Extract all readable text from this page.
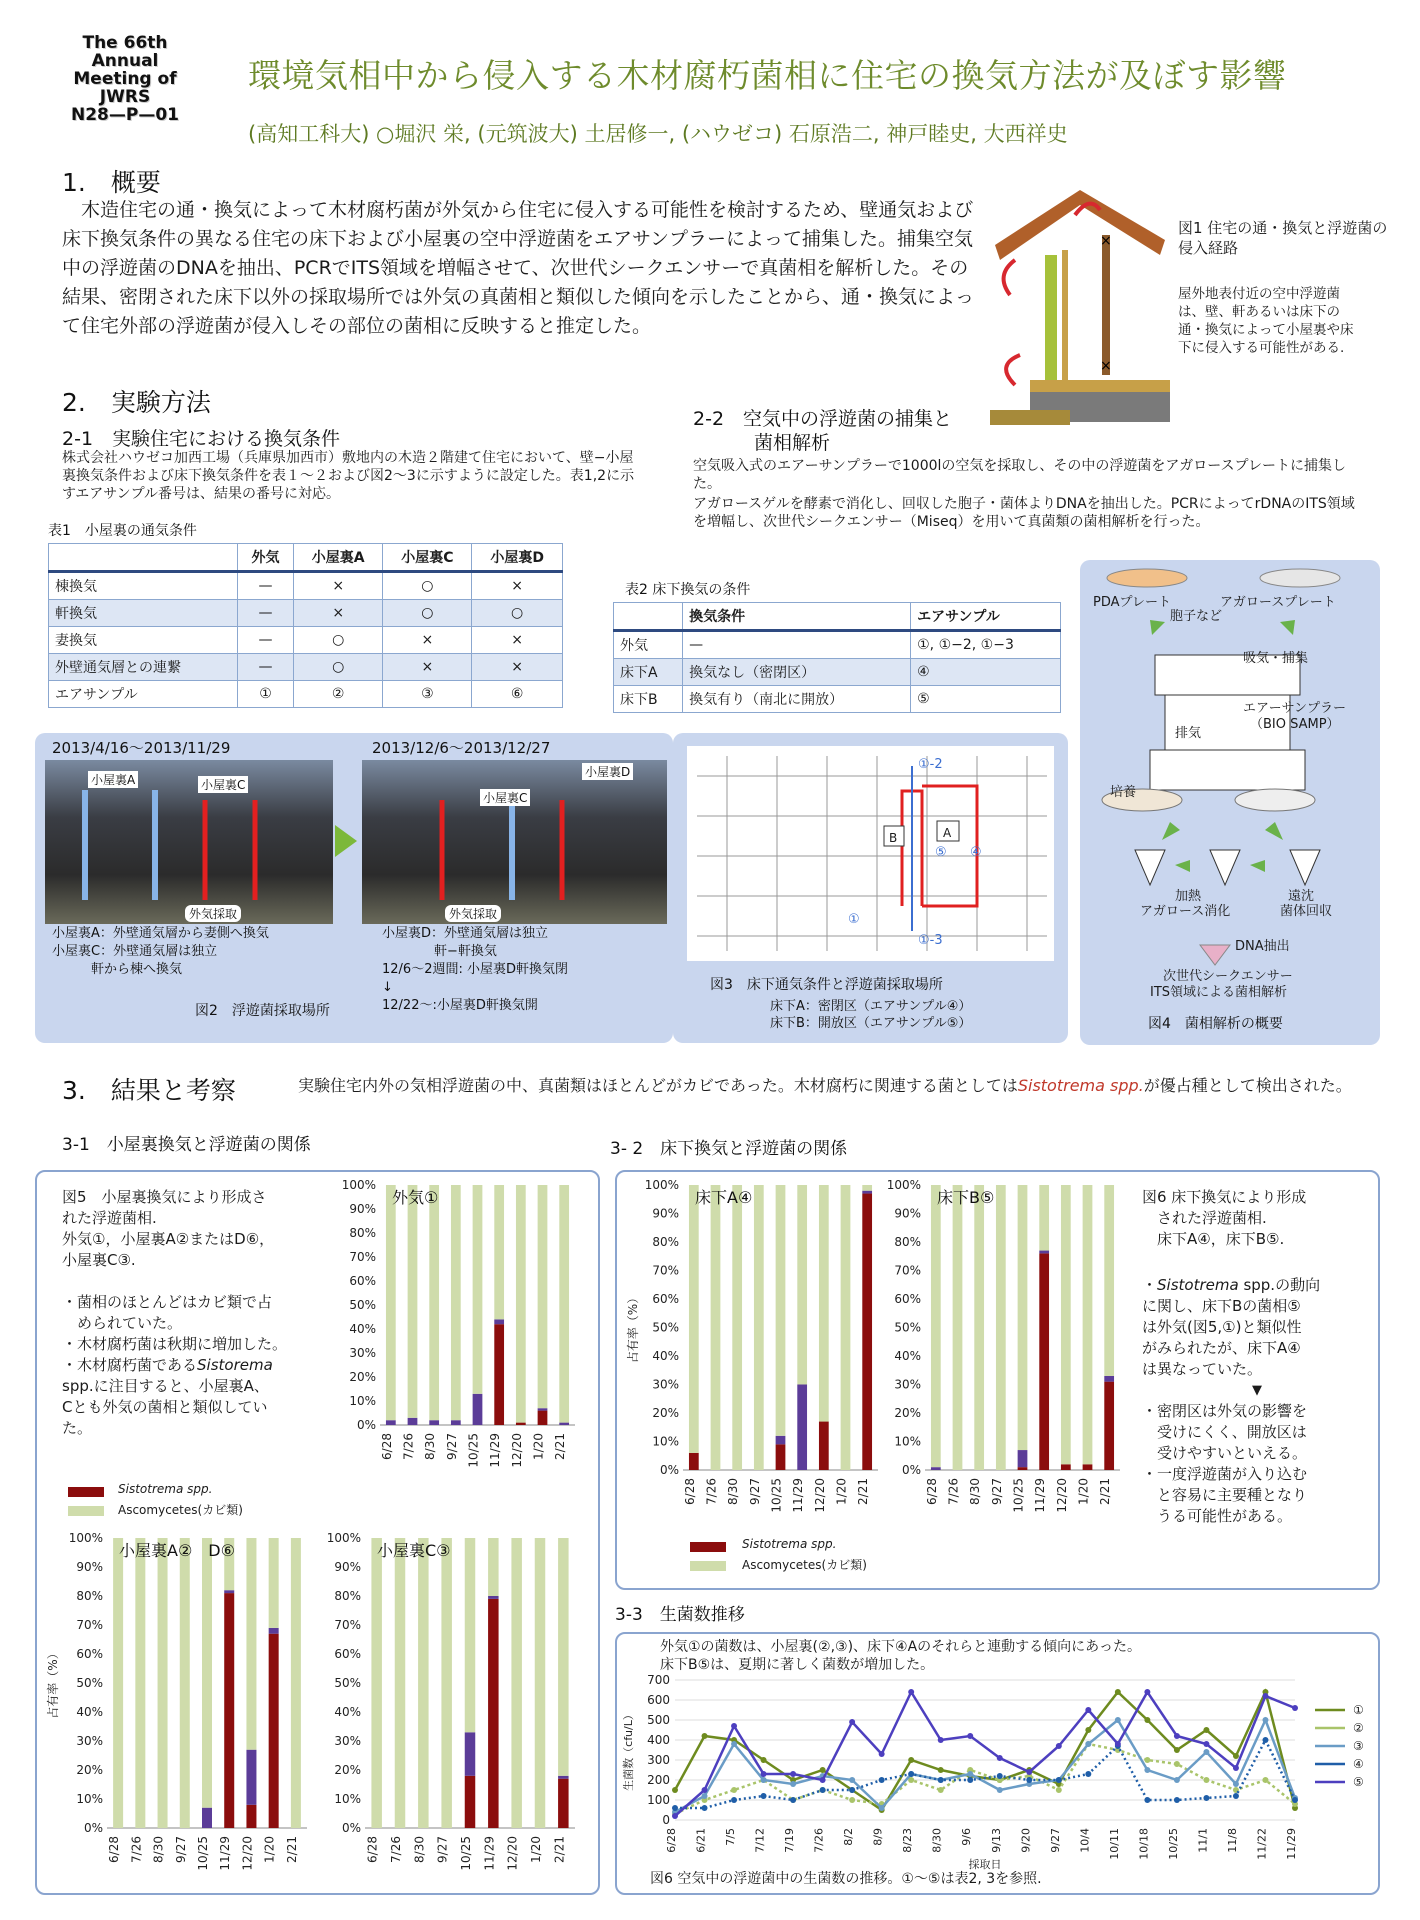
The 66th
Annual
Meeting of
JWRS
N28—P—01
環境気相中から侵入する木材腐朽菌相に住宅の換気方法が及ぼす影響
(高知工科大) ○堀沢 栄, (元筑波大) 土居修一, (ハウゼコ) 石原浩二, 神戸睦史, 大西祥史
1.　概要
　木造住宅の通・換気によって木材腐朽菌が外気から住宅に侵入する可能性を検討するため、壁通気および床下換気条件の異なる住宅の床下および小屋裏の空中浮遊菌をエアサンプラーによって捕集した。捕集空気中の浮遊菌のDNAを抽出、PCRでITS領域を増幅させて、次世代シークエンサーで真菌相を解析した。その結果、密閉された床下以外の採取場所では外気の真菌相と類似した傾向を示したことから、通・換気によって住宅外部の浮遊菌が侵入しその部位の菌相に反映すると推定した。
×
×
図1 住宅の通・換気と浮遊菌の侵入経路
屋外地表付近の空中浮遊菌は、壁、軒あるいは床下の通・換気によって小屋裏や床下に侵入する可能性がある.
2.　実験方法
2-1　実験住宅における換気条件
株式会社ハウゼコ加西工場（兵庫県加西市）敷地内の木造２階建て住宅において、壁−小屋裏換気条件および床下換気条件を表１〜２および図2〜3に示すように設定した。表1,2に示すエアサンプル番号は、結果の番号に対応。
2-2　空気中の浮遊菌の捕集と
菌相解析
空気吸入式のエアーサンプラーで1000lの空気を採取し、その中の浮遊菌をアガロースプレートに捕集した。
アガロースゲルを酵素で消化し、回収した胞子・菌体よりDNAを抽出した。PCRによってrDNAのITS領域を増幅し、次世代シークエンサー（Miseq）を用いて真菌類の菌相解析を行った。
表1　小屋裏の通気条件
	外気	小屋裏A	小屋裏C	小屋裏D
棟換気	—	×	○	×
軒換気	—	×	○	○
妻換気	—	○	×	×
外壁通気層との連繋	—	○	×	×
エアサンプル	①	②	③	⑥
表2 床下換気の条件
	換気条件	エアサンプル
外気	—	①, ①−2, ①−3
床下A	換気なし（密閉区）	④
床下B	換気有り（南北に開放）	⑤
2013/4/16〜2013/11/29	2013/12/6〜2013/12/27
小屋裏A	小屋裏C
小屋裏C
小屋裏D
外気採取	外気採取
小屋裏A：外壁通気層から妻側へ換気
小屋裏C：外壁通気層は独立
　　　軒から棟へ換気
小屋裏D：外壁通気層は独立
　　　　軒−軒換気
12/6〜2週間: 小屋裏D軒換気閉
↓
12/22〜:小屋裏D軒換気開
図2　浮遊菌採取場所
①-2
①-3
①
④
⑤
A
B
図3　床下通気条件と浮遊菌採取場所
床下A：密閉区（エアサンプル④）
床下B：開放区（エアサンプル⑤）
PDAプレート	アガロースプレート
胞子など
吸気・捕集
エアーサンプラー
（BIO SAMP）
排気
培養
加熱
アガロース消化
遠沈
菌体回収
DNA抽出
次世代シークエンサー
ITS領域による菌相解析
図4　菌相解析の概要
3.　結果と考察	実験住宅内外の気相浮遊菌の中、真菌類はほとんどがカビであった。木材腐朽に関連する菌としてはSistotrema spp.が優占種として検出された。
3-1　小屋裏換気と浮遊菌の関係	3- 2　床下換気と浮遊菌の関係
図5　小屋裏換気により形成さ
れた浮遊菌相.
外気①，小屋裏A②またはD⑥，
小屋裏C③.
・菌相のほとんどはカビ類で占
　められていた。
・木材腐朽菌は秋期に増加した。
・木材腐朽菌であるSistorema
spp.に注目すると、小屋裏A、
Cとも外気の菌相と類似してい
た。
Sistotrema spp.
Ascomycetes(カビ類)
0%
10%
20%
30%
40%
50%
60%
70%
80%
90%
100%
6/28 7/26 8/30 9/27 10/25 11/29 12/20 1/20 2/21
外気①
0%
10%
20%
30%
40%
50%
60%
70%
80%
90%
100%
6/28 7/26 8/30 9/27 10/25 11/29 12/20 1/20 2/21
小屋裏A②　D⑥
占有率（%）
0%
10%
20%
30%
40%
50%
60%
70%
80%
90%
100%
6/28 7/26 8/30 9/27 10/25 11/29 12/20 1/20 2/21
小屋裏C③
0%
10%
20%
30%
40%
50%
60%
70%
80%
90%
100%
6/28 7/26 8/30 9/27 10/25 11/29 12/20 1/20 2/21
床下A④
占有率（%）
0%
10%
20%
30%
40%
50%
60%
70%
80%
90%
100%
6/28 7/26 8/30 9/27 10/25 11/29 12/20 1/20 2/21
床下B⑤
Sistotrema spp.
Ascomycetes(カビ類)
図6 床下換気により形成
　された浮遊菌相.
　床下A④，床下B⑤.
・Sistotrema spp.の動向
に関し、床下Bの菌相⑤
は外気(図5,①)と類似性
がみられたが、床下A④
は異なっていた。
▼
・密閉区は外気の影響を
　受けにくく、開放区は
　受けやすいといえる。
・一度浮遊菌が入り込む
　と容易に主要種となり
　うる可能性がある。
3-3　生菌数推移
外気①の菌数は、小屋裏(②,③)、床下④Aのそれらと連動する傾向にあった。
床下B⑤は、夏期に著しく菌数が増加した。
0
100
200
300
400
500
600
700
6/28 6/21 7/5 7/12 7/19 7/26 8/2 8/9 8/23 8/30 9/6 9/13 9/20 9/27 10/4 10/11 10/18 10/25 11/1 11/8 11/22 11/29
①
②
③
④
⑤
生菌数（cfu/L）
採取日
図6 空気中の浮遊菌中の生菌数の推移。①〜⑤は表2, 3を参照.
